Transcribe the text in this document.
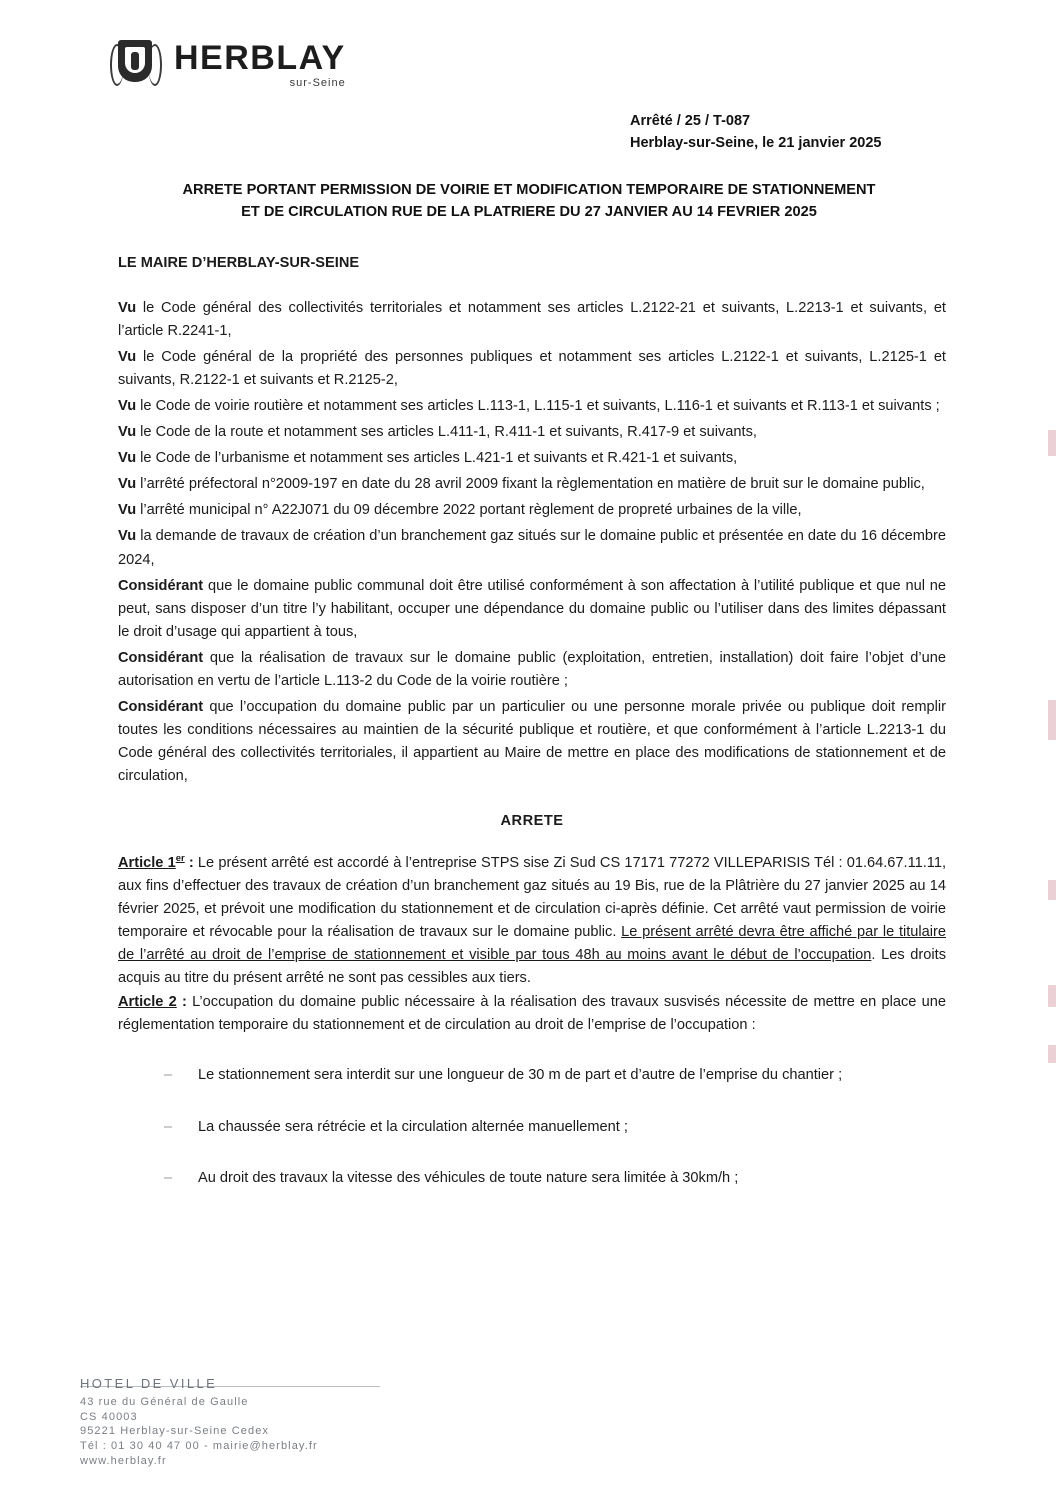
HERBLAY
sur-Seine
Arrêté / 25 / T-087
Herblay-sur-Seine, le 21 janvier 2025
ARRETE PORTANT PERMISSION DE VOIRIE ET MODIFICATION TEMPORAIRE DE STATIONNEMENT
ET DE CIRCULATION RUE DE LA PLATRIERE DU 27 JANVIER AU 14 FEVRIER 2025
LE MAIRE D’HERBLAY-SUR-SEINE

Vu le Code général des collectivités territoriales et notamment ses articles L.2122-21 et suivants, L.2213-1 et suivants, et l’article R.2241-1,

Vu le Code général de la propriété des personnes publiques et notamment ses articles L.2122-1 et suivants, L.2125-1 et suivants, R.2122-1 et suivants et R.2125-2,

Vu le Code de voirie routière et notamment ses articles L.113-1, L.115-1 et suivants, L.116-1 et suivants et R.113-1 et suivants ;

Vu le Code de la route et notamment ses articles L.411-1, R.411-1 et suivants, R.417-9 et suivants,

Vu le Code de l’urbanisme et notamment ses articles L.421-1 et suivants et R.421-1 et suivants,

Vu l’arrêté préfectoral n°2009-197 en date du 28 avril 2009 fixant la règlementation en matière de bruit sur le domaine public,

Vu l’arrêté municipal n° A22J071 du 09 décembre 2022 portant règlement de propreté urbaines de la ville,

Vu la demande de travaux de création d’un branchement gaz situés sur le domaine public et présentée en date du 16 décembre 2024,

Considérant que le domaine public communal doit être utilisé conformément à son affectation à l’utilité publique et que nul ne peut, sans disposer d’un titre l’y habilitant, occuper une dépendance du domaine public ou l’utiliser dans des limites dépassant le droit d’usage qui appartient à tous,

Considérant que la réalisation de travaux sur le domaine public (exploitation, entretien, installation) doit faire l’objet d’une autorisation en vertu de l’article L.113-2 du Code de la voirie routière ;

Considérant que l’occupation du domaine public par un particulier ou une personne morale privée ou publique doit remplir toutes les conditions nécessaires au maintien de la sécurité publique et routière, et que conformément à l’article L.2213-1 du Code général des collectivités territoriales, il appartient au Maire de mettre en place des modifications de stationnement et de circulation,

ARRETE

Article 1er : Le présent arrêté est accordé à l’entreprise STPS sise Zi Sud CS 17171 77272 VILLEPARISIS Tél : 01.64.67.11.11, aux fins d’effectuer des travaux de création d’un branchement gaz situés au 19 Bis, rue de la Plâtrière du 27 janvier 2025 au 14 février 2025, et prévoit une modification du stationnement et de circulation ci-après définie. Cet arrêté vaut permission de voirie temporaire et révocable pour la réalisation de travaux sur le domaine public. Le présent arrêté devra être affiché par le titulaire de l’arrêté au droit de l’emprise de stationnement et visible par tous 48h au moins avant le début de l’occupation. Les droits acquis au titre du présent arrêté ne sont pas cessibles aux tiers.

Article 2 : L’occupation du domaine public nécessaire à la réalisation des travaux susvisés nécessite de mettre en place une réglementation temporaire du stationnement et de circulation au droit de l’emprise de l’occupation :

– Le stationnement sera interdit sur une longueur de 30 m de part et d’autre de l’emprise du chantier ;
– La chaussée sera rétrécie et la circulation alternée manuellement ;
– Au droit des travaux la vitesse des véhicules de toute nature sera limitée à 30km/h ;
HOTEL DE VILLE
43 rue du Général de Gaulle
CS 40003
95221 Herblay-sur-Seine Cedex
Tél : 01 30 40 47 00 - mairie@herblay.fr
www.herblay.fr
